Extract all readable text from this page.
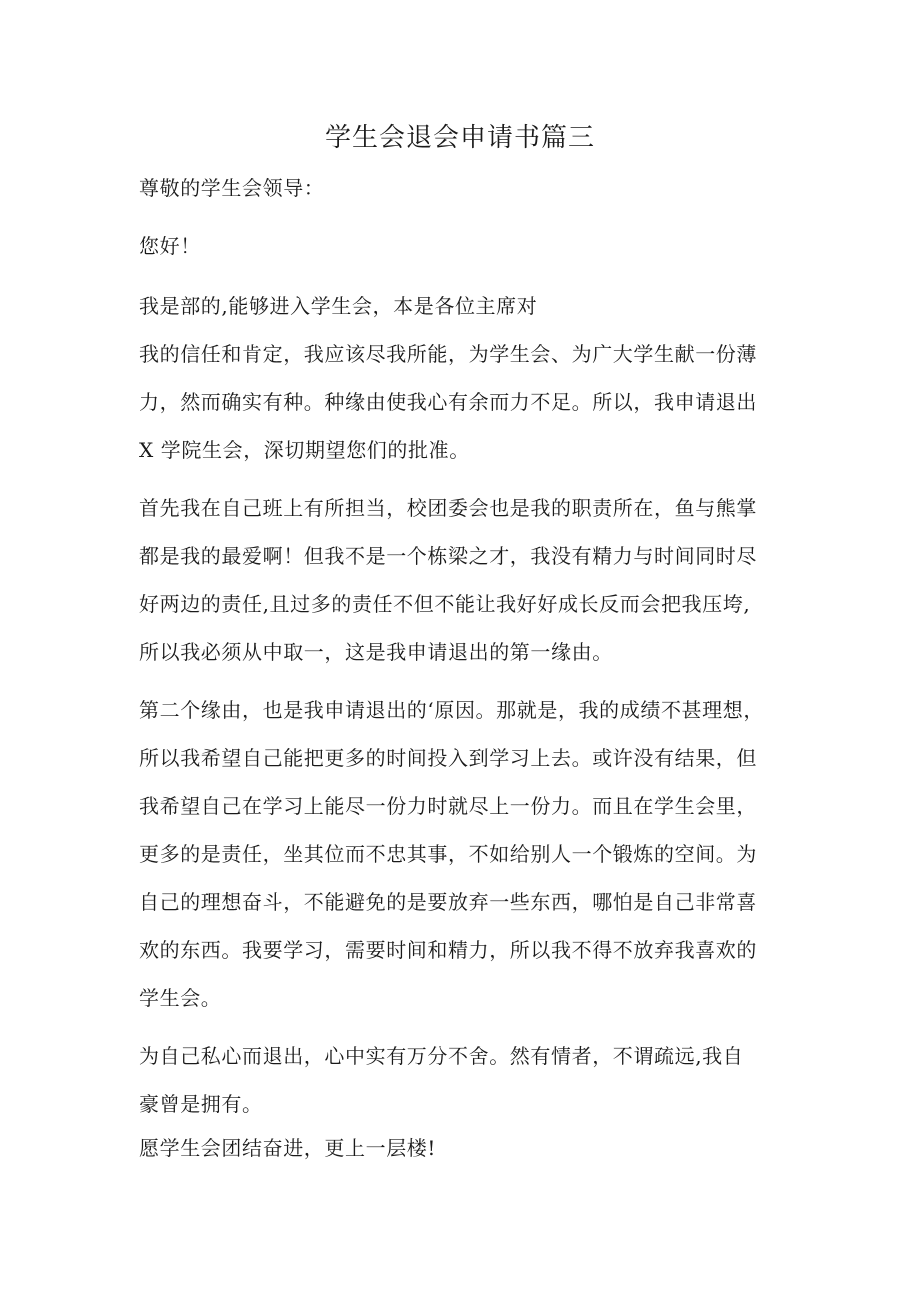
学生会退会申请书篇三
尊敬的学生会领导：
您好！
我是部的,能够进入学生会，本是各位主席对
我的信任和肯定，我应该尽我所能，为学生会、为广大学生献一份薄
力，然而确实有种。种缘由使我心有余而力不足。所以，我申请退出
X 学院生会，深切期望您们的批准。
首先我在自己班上有所担当，校团委会也是我的职责所在，鱼与熊掌
都是我的最爱啊！但我不是一个栋梁之才，我没有精力与时间同时尽
好两边的责任,且过多的责任不但不能让我好好成长反而会把我压垮,
所以我必须从中取一，这是我申请退出的第一缘由。
第二个缘由，也是我申请退出的‘原因。那就是，我的成绩不甚理想，
所以我希望自己能把更多的时间投入到学习上去。或许没有结果，但
我希望自己在学习上能尽一份力时就尽上一份力。而且在学生会里，
更多的是责任，坐其位而不忠其事，不如给别人一个锻炼的空间。为
自己的理想奋斗，不能避免的是要放弃一些东西，哪怕是自己非常喜
欢的东西。我要学习，需要时间和精力，所以我不得不放弃我喜欢的
学生会。
为自己私心而退出，心中实有万分不舍。然有情者，不谓疏远,我自
豪曾是拥有。
愿学生会团结奋进，更上一层楼!
